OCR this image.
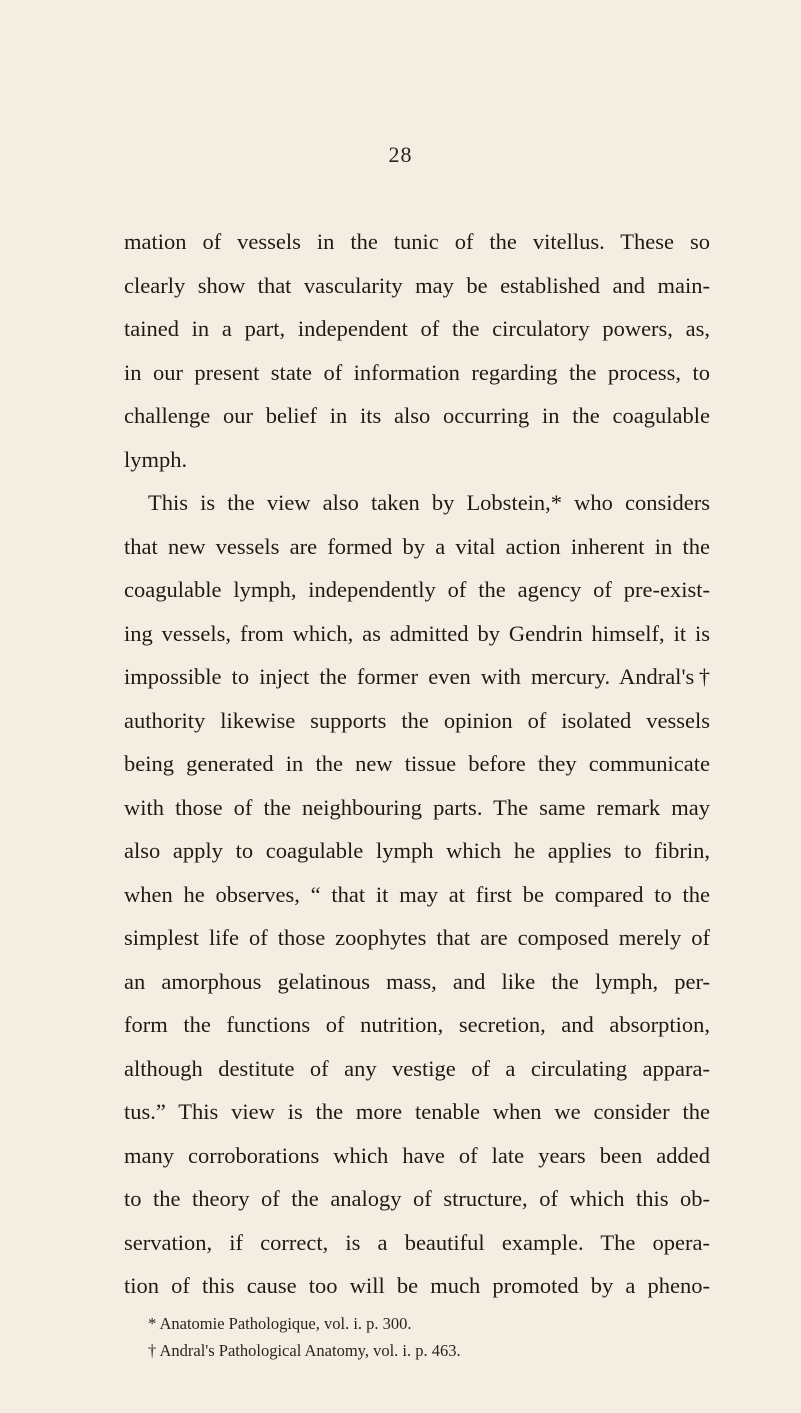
28
mation of vessels in the tunic of the vitellus. These so
clearly show that vascularity may be established and main-
tained in a part, independent of the circulatory powers, as,
in our present state of information regarding the process, to
challenge our belief in its also occurring in the coagulable
lymph.
This is the view also taken by Lobstein,* who considers
that new vessels are formed by a vital action inherent in the
coagulable lymph, independently of the agency of pre-exist-
ing vessels, from which, as admitted by Gendrin himself, it is
impossible to inject the former even with mercury. Andral's†
authority likewise supports the opinion of isolated vessels
being generated in the new tissue before they communicate
with those of the neighbouring parts. The same remark may
also apply to coagulable lymph which he applies to fibrin,
when he observes, “ that it may at first be compared to the
simplest life of those zoophytes that are composed merely of
an amorphous gelatinous mass, and like the lymph, per-
form the functions of nutrition, secretion, and absorption,
although destitute of any vestige of a circulating appara-
tus.” This view is the more tenable when we consider the
many corroborations which have of late years been added
to the theory of the analogy of structure, of which this ob-
servation, if correct, is a beautiful example. The opera-
tion of this cause too will be much promoted by a pheno-
* Anatomie Pathologique, vol. i. p. 300.
† Andral's Pathological Anatomy, vol. i. p. 463.
